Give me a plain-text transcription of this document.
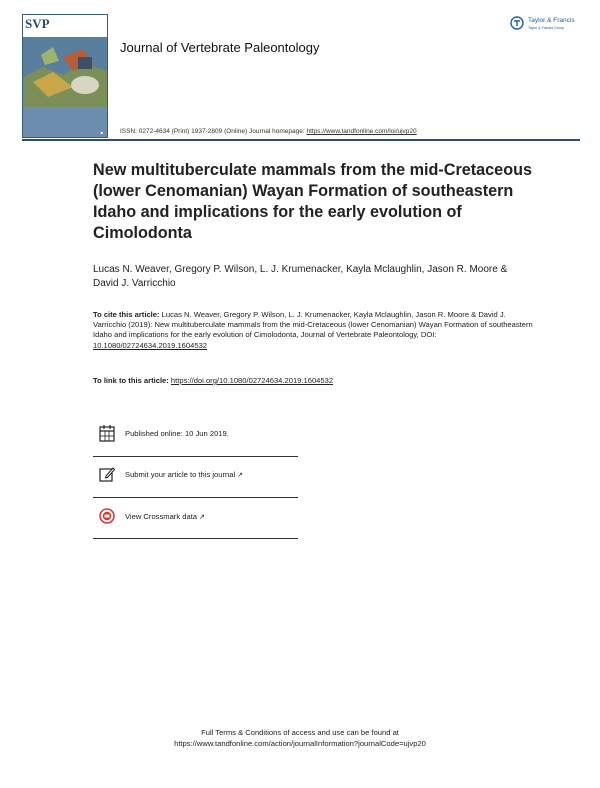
SVP
■
Journal of Vertebrate Paleontology
Taylor & Francis
Taylor & Francis Group
ISSN: 0272-4634 (Print) 1937-2809 (Online) Journal homepage: https://www.tandfonline.com/loi/ujvp20
New multituberculate mammals from the mid-Cretaceous (lower Cenomanian) Wayan Formation of southeastern Idaho and implications for the early evolution of Cimolodonta
Lucas N. Weaver, Gregory P. Wilson, L. J. Krumenacker, Kayla Mclaughlin, Jason R. Moore & David J. Varricchio
To cite this article: Lucas N. Weaver, Gregory P. Wilson, L. J. Krumenacker, Kayla Mclaughlin, Jason R. Moore & David J. Varricchio (2019): New multituberculate mammals from the mid-Cretaceous (lower Cenomanian) Wayan Formation of southeastern Idaho and implications for the early evolution of Cimolodonta, Journal of Vertebrate Paleontology, DOI: 10.1080/02724634.2019.1604532
To link to this article: https://doi.org/10.1080/02724634.2019.1604532
Published online: 10 Jun 2019.
Submit your article to this journal ↗
View Crossmark data ↗
Full Terms & Conditions of access and use can be found at
https://www.tandfonline.com/action/journalInformation?journalCode=ujvp20
